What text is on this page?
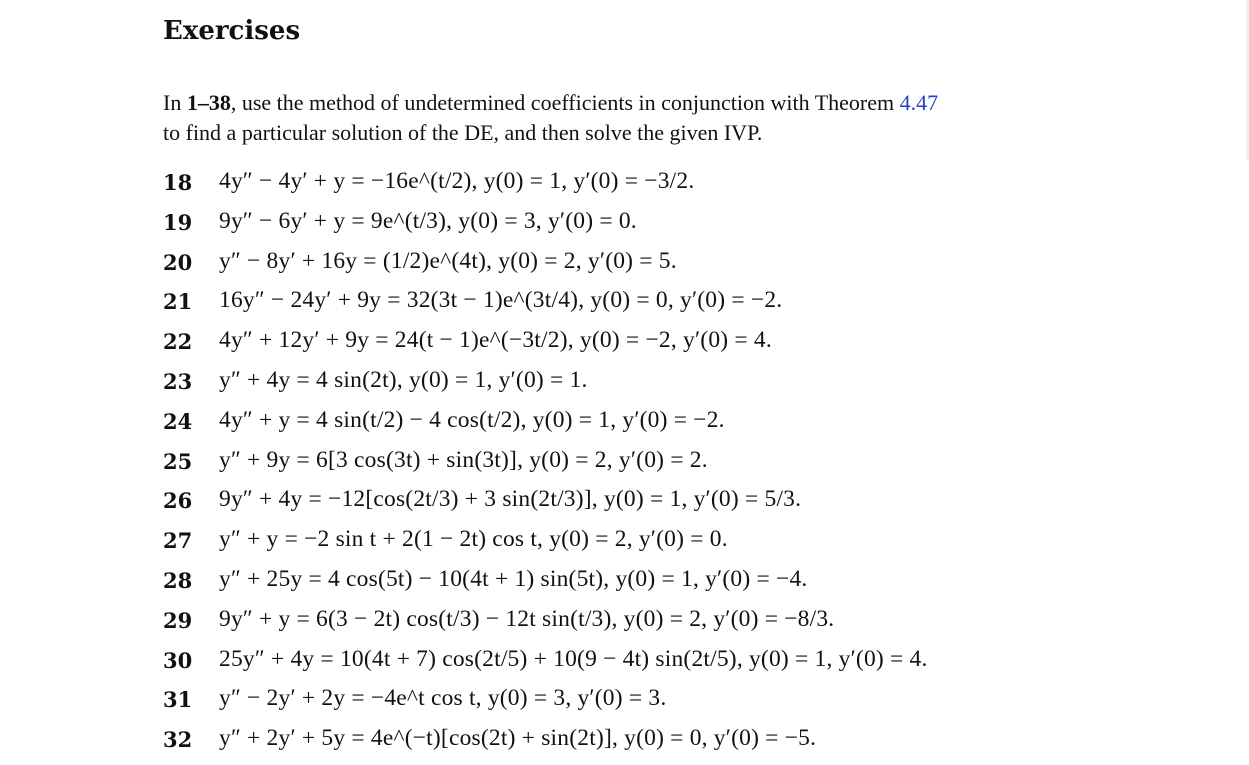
Exercises

In 1–38, use the method of undetermined coefficients in conjunction with Theorem 4.47
to find a particular solution of the DE, and then solve the given IVP.

18 4y″ − 4y′ + y = −16e^(t/2), y(0) = 1, y′(0) = −3/2.
19 9y″ − 6y′ + y = 9e^(t/3), y(0) = 3, y′(0) = 0.
20 y″ − 8y′ + 16y = (1/2)e^(4t), y(0) = 2, y′(0) = 5.
21 16y″ − 24y′ + 9y = 32(3t − 1)e^(3t/4), y(0) = 0, y′(0) = −2.
22 4y″ + 12y′ + 9y = 24(t − 1)e^(−3t/2), y(0) = −2, y′(0) = 4.
23 y″ + 4y = 4 sin(2t), y(0) = 1, y′(0) = 1.
24 4y″ + y = 4 sin(t/2) − 4 cos(t/2), y(0) = 1, y′(0) = −2.
25 y″ + 9y = 6[3 cos(3t) + sin(3t)], y(0) = 2, y′(0) = 2.
26 9y″ + 4y = −12[cos(2t/3) + 3 sin(2t/3)], y(0) = 1, y′(0) = 5/3.
27 y″ + y = −2 sin t + 2(1 − 2t) cos t, y(0) = 2, y′(0) = 0.
28 y″ + 25y = 4 cos(5t) − 10(4t + 1) sin(5t), y(0) = 1, y′(0) = −4.
29 9y″ + y = 6(3 − 2t) cos(t/3) − 12t sin(t/3), y(0) = 2, y′(0) = −8/3.
30 25y″ + 4y = 10(4t + 7) cos(2t/5) + 10(9 − 4t) sin(2t/5), y(0) = 1, y′(0) = 4.
31 y″ − 2y′ + 2y = −4e^t cos t, y(0) = 3, y′(0) = 3.
32 y″ + 2y′ + 5y = 4e^(−t)[cos(2t) + sin(2t)], y(0) = 0, y′(0) = −5.
